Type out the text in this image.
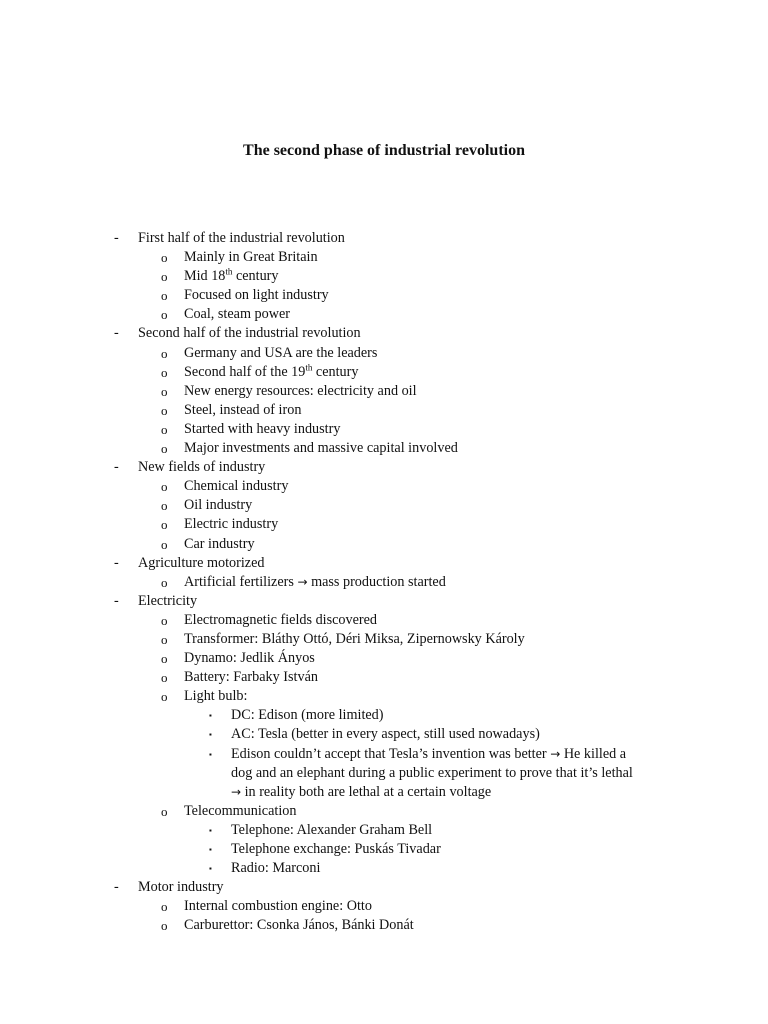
The second phase of industrial revolution
- First half of the industrial revolution
o Mainly in Great Britain
o Mid 18th century
o Focused on light industry
o Coal, steam power
- Second half of the industrial revolution
o Germany and USA are the leaders
o Second half of the 19th century
o New energy resources: electricity and oil
o Steel, instead of iron
o Started with heavy industry
o Major investments and massive capital involved
- New fields of industry
o Chemical industry
o Oil industry
o Electric industry
o Car industry
- Agriculture motorized
o Artificial fertilizers → mass production started
- Electricity
o Electromagnetic fields discovered
o Transformer: Bláthy Ottó, Déri Miksa, Zipernowsky Károly
o Dynamo: Jedlik Ányos
o Battery: Farbaky István
o Light bulb:
▪ DC: Edison (more limited)
▪ AC: Tesla (better in every aspect, still used nowadays)
▪ Edison couldn’t accept that Tesla’s invention was better → He killed a
dog and an elephant during a public experiment to prove that it’s lethal
→ in reality both are lethal at a certain voltage
o Telecommunication
▪ Telephone: Alexander Graham Bell
▪ Telephone exchange: Puskás Tivadar
▪ Radio: Marconi
- Motor industry
o Internal combustion engine: Otto
o Carburettor: Csonka János, Bánki Donát
